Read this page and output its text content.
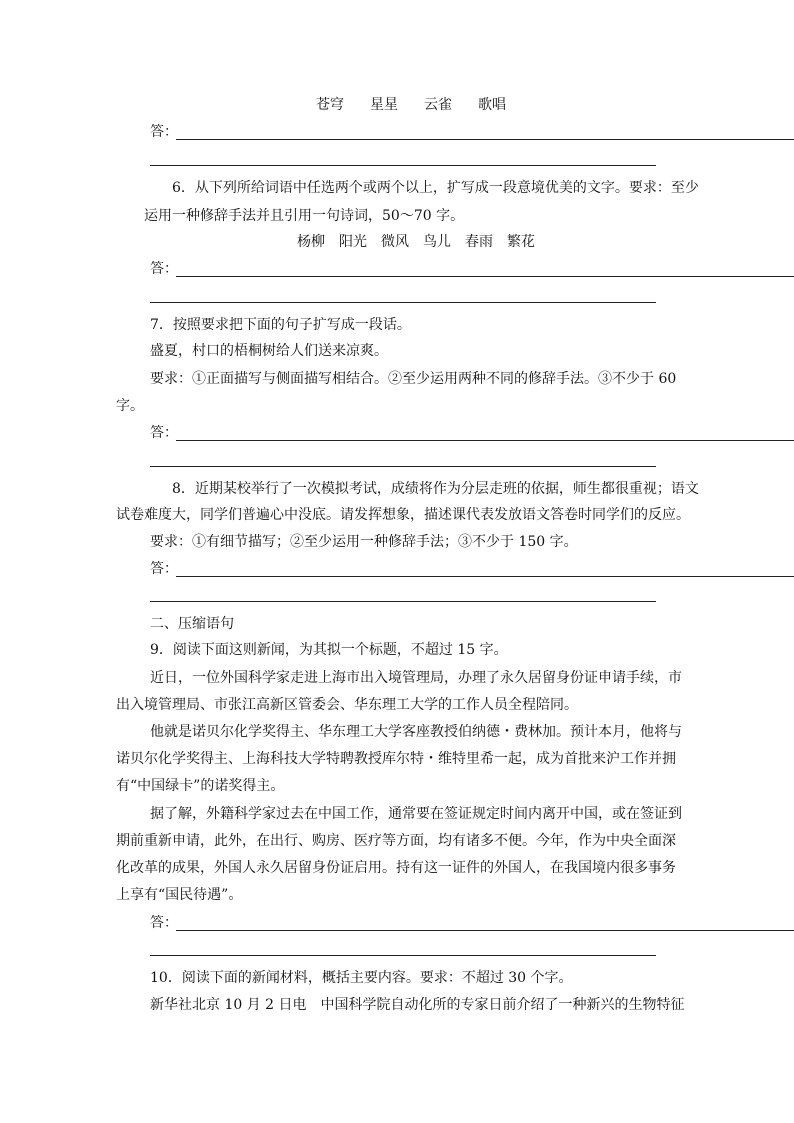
苍穹 星星 云雀 歌唱
答：
6．从下列所给词语中任选两个或两个以上，扩写成一段意境优美的文字。要求：至少
运用一种修辞手法并且引用一句诗词，50～70 字。
杨柳 阳光 微风 鸟儿 春雨 繁花
答：
7．按照要求把下面的句子扩写成一段话。
盛夏，村口的梧桐树给人们送来凉爽。
要求：①正面描写与侧面描写相结合。②至少运用两种不同的修辞手法。③不少于 60
字。
答：
8．近期某校举行了一次模拟考试，成绩将作为分层走班的依据，师生都很重视；语文
试卷难度大，同学们普遍心中没底。请发挥想象，描述课代表发放语文答卷时同学们的反应。
要求：①有细节描写；②至少运用一种修辞手法；③不少于 150 字。
答：
二、压缩语句
9．阅读下面这则新闻，为其拟一个标题，不超过 15 字。
近日，一位外国科学家走进上海市出入境管理局，办理了永久居留身份证申请手续，市
出入境管理局、市张江高新区管委会、华东理工大学的工作人员全程陪同。
他就是诺贝尔化学奖得主、华东理工大学客座教授伯纳德・费林加。预计本月，他将与
诺贝尔化学奖得主、上海科技大学特聘教授库尔特・维特里希一起，成为首批来沪工作并拥
有“中国绿卡”的诺奖得主。
据了解，外籍科学家过去在中国工作，通常要在签证规定时间内离开中国，或在签证到
期前重新申请，此外，在出行、购房、医疗等方面，均有诸多不便。今年，作为中央全面深
化改革的成果，外国人永久居留身份证启用。持有这一证件的外国人，在我国境内很多事务
上享有“国民待遇”。
答：
10．阅读下面的新闻材料，概括主要内容。要求：不超过 30 个字。
新华社北京 10 月 2 日电　中国科学院自动化所的专家日前介绍了一种新兴的生物特征
